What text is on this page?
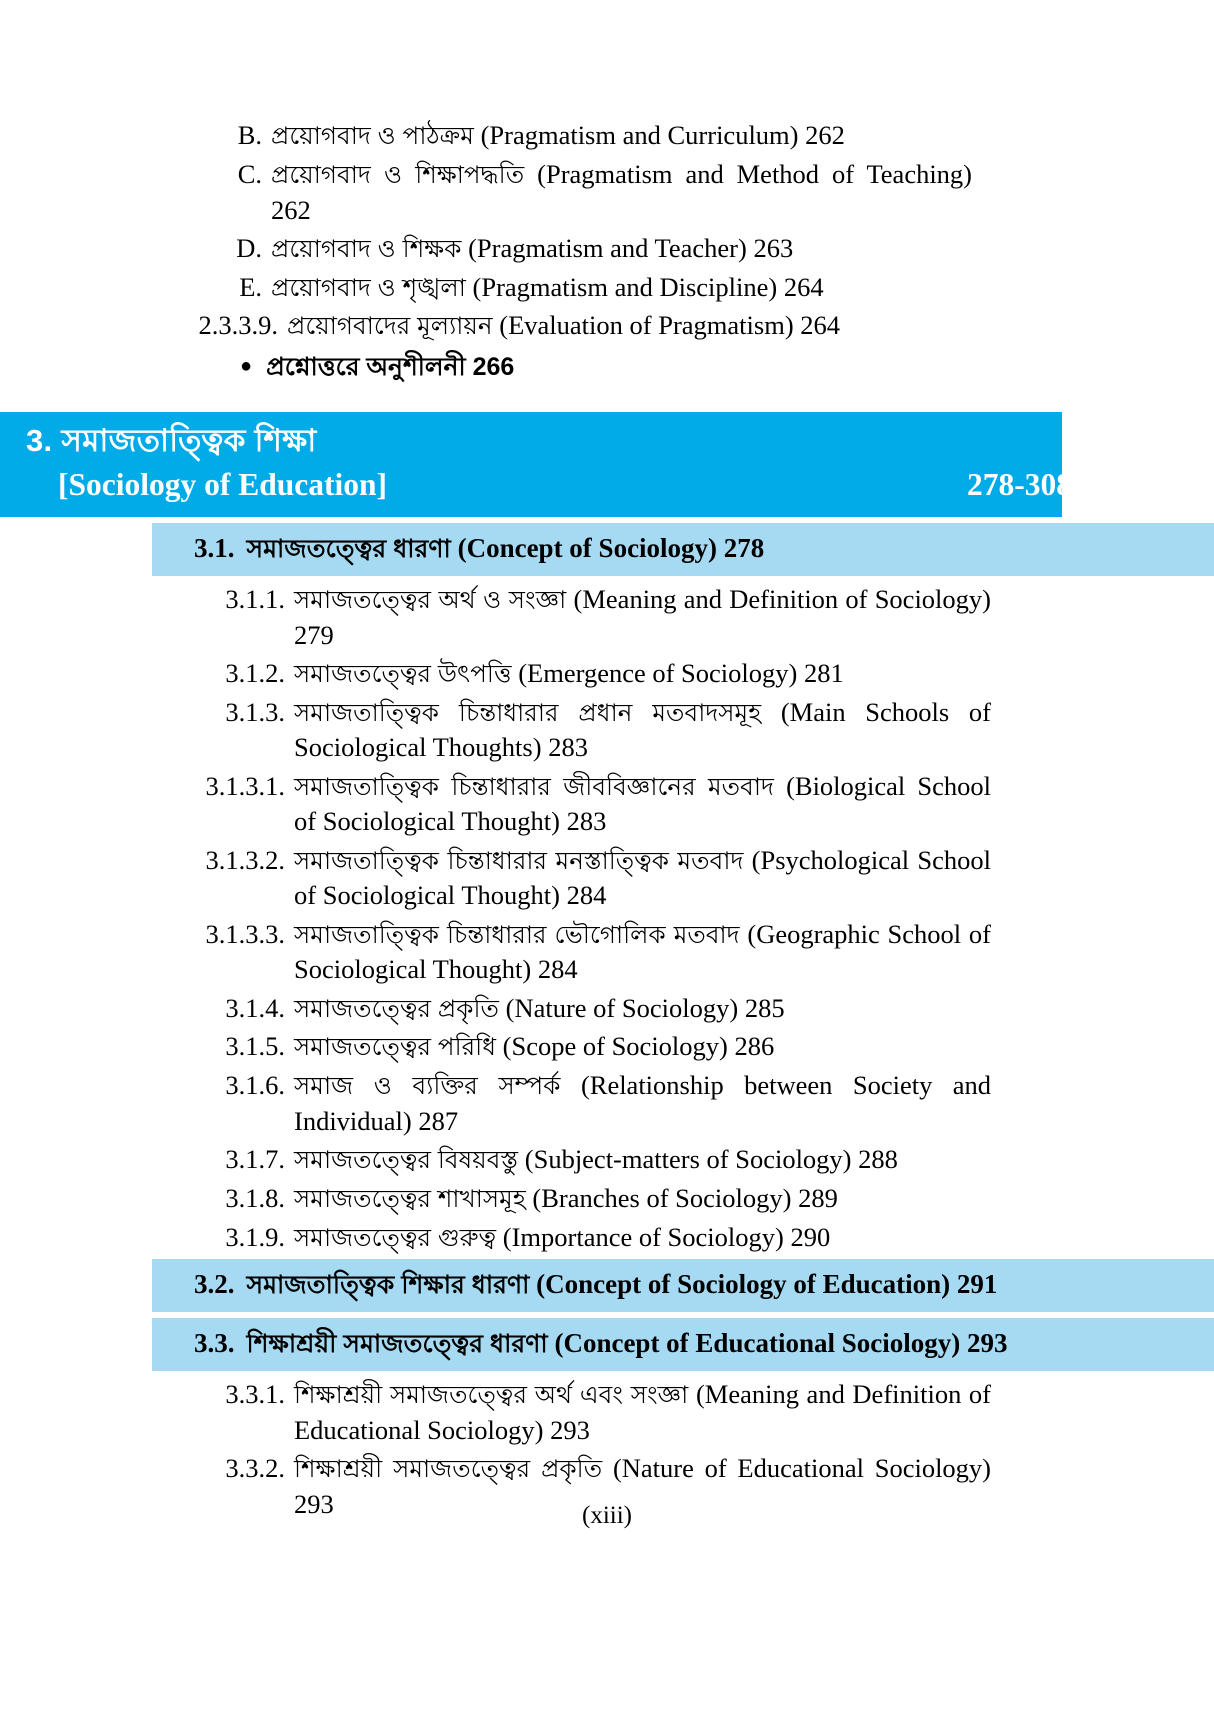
B. প্রয়োগবাদ ও পাঠক্রম (Pragmatism and Curriculum) 262
C. প্রয়োগবাদ ও শিক্ষাপদ্ধতি (Pragmatism and Method of Teaching) 262
D. প্রয়োগবাদ ও শিক্ষক (Pragmatism and Teacher) 263
E. প্রয়োগবাদ ও শৃঙ্খলা (Pragmatism and Discipline) 264
2.3.3.9. প্রয়োগবাদের মূল্যায়ন (Evaluation of Pragmatism) 264
● প্রশ্নোত্তরে অনুশীলনী 266
3. সমাজতাত্ত্বিক শিক্ষা
[Sociology of Education]	278-308
3.1. সমাজতত্ত্বের ধারণা (Concept of Sociology) 278
3.1.1. সমাজতত্ত্বের অর্থ ও সংজ্ঞা (Meaning and Definition of Sociology) 279
3.1.2. সমাজতত্ত্বের উৎপত্তি (Emergence of Sociology) 281
3.1.3. সমাজতাত্ত্বিক চিন্তাধারার প্রধান মতবাদসমূহ (Main Schools of Sociological Thoughts) 283
3.1.3.1. সমাজতাত্ত্বিক চিন্তাধারার জীববিজ্ঞানের মতবাদ (Biological School of Sociological Thought) 283
3.1.3.2. সমাজতাত্ত্বিক চিন্তাধারার মনস্তাত্ত্বিক মতবাদ (Psychological School of Sociological Thought) 284
3.1.3.3. সমাজতাত্ত্বিক চিন্তাধারার ভৌগোলিক মতবাদ (Geographic School of Sociological Thought) 284
3.1.4. সমাজতত্ত্বের প্রকৃতি (Nature of Sociology) 285
3.1.5. সমাজতত্ত্বের পরিধি (Scope of Sociology) 286
3.1.6. সমাজ ও ব্যক্তির সম্পর্ক (Relationship between Society and Individual) 287
3.1.7. সমাজতত্ত্বের বিষয়বস্তু (Subject-matters of Sociology) 288
3.1.8. সমাজতত্ত্বের শাখাসমূহ (Branches of Sociology) 289
3.1.9. সমাজতত্ত্বের গুরুত্ব (Importance of Sociology) 290
3.2. সমাজতাত্ত্বিক শিক্ষার ধারণা (Concept of Sociology of Education) 291
3.3. শিক্ষাশ্রয়ী সমাজতত্ত্বের ধারণা (Concept of Educational Sociology) 293
3.3.1. শিক্ষাশ্রয়ী সমাজতত্ত্বের অর্থ এবং সংজ্ঞা (Meaning and Definition of Educational Sociology) 293
3.3.2. শিক্ষাশ্রয়ী সমাজতত্ত্বের প্রকৃতি (Nature of Educational Sociology) 293	(xiii)
